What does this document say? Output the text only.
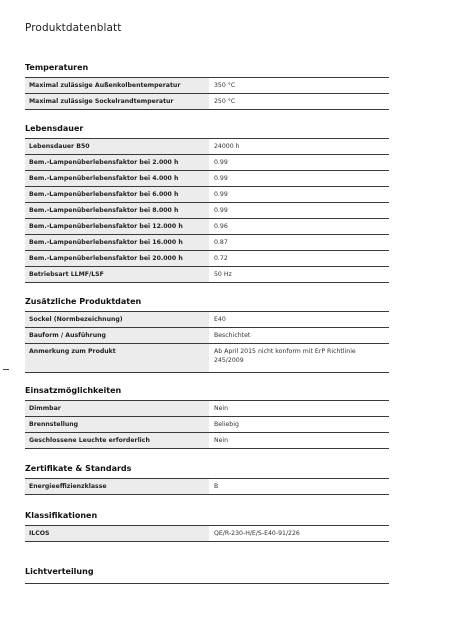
Produktdatenblatt
Temperaturen
Maximal zulässige Außenkolbentemperatur	350 °C
Maximal zulässige Sockelrandtemperatur	250 °C
Lebensdauer
Lebensdauer B50	24000 h
Bem.-Lampenüberlebensfaktor bei 2.000 h	0.99
Bem.-Lampenüberlebensfaktor bei 4.000 h	0.99
Bem.-Lampenüberlebensfaktor bei 6.000 h	0.99
Bem.-Lampenüberlebensfaktor bei 8.000 h	0.99
Bem.-Lampenüberlebensfaktor bei 12.000 h	0.96
Bem.-Lampenüberlebensfaktor bei 16.000 h	0.87
Bem.-Lampenüberlebensfaktor bei 20.000 h	0.72
Betriebsart LLMF/LSF	50 Hz
Zusätzliche Produktdaten
Sockel (Normbezeichnung)	E40
Bauform / Ausführung	Beschichtet
Anmerkung zum Produkt	Ab April 2015 nicht konform mit ErP Richtlinie
245/2009
Einsatzmöglichkeiten
Dimmbar	Nein
Brennstellung	Beliebig
Geschlossene Leuchte erforderlich	Nein
Zertifikate & Standards
Energieeffizienzklasse	B
Klassifikationen
ILCOS	QE/R-230-H/E/S-E40-91/226
Lichtverteilung
